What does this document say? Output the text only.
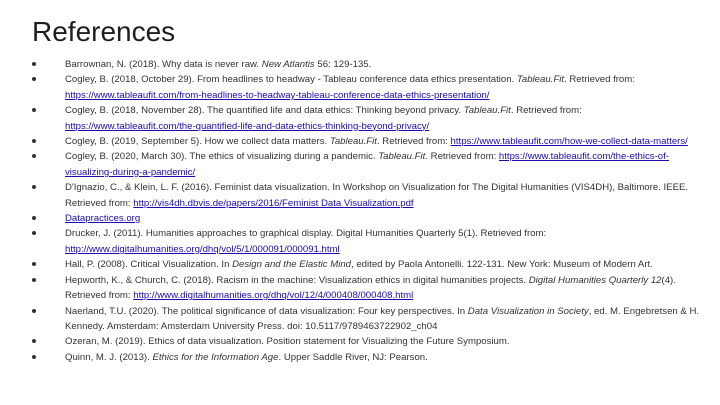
References
Barrownan, N. (2018). Why data is never raw. New Atlantis 56: 129-135.
Cogley, B. (2018, October 29). From headlines to headway - Tableau conference data ethics presentation. Tableau.Fit. Retrieved from: https://www.tableaufit.com/from-headlines-to-headway-tableau-conference-data-ethics-presentation/
Cogley, B. (2018, November 28). The quantified life and data ethics: Thinking beyond privacy. Tableau.Fit. Retrieved from: https://www.tableaufit.com/the-quantified-life-and-data-ethics-thinking-beyond-privacy/
Cogley, B. (2019, September 5). How we collect data matters. Tableau.Fit. Retrieved from: https://www.tableaufit.com/how-we-collect-data-matters/
Cogley, B. (2020, March 30). The ethics of visualizing during a pandemic. Tableau.Fit. Retrieved from: https://www.tableaufit.com/the-ethics-of-visualizing-during-a-pandemic/
D'Ignazio, C., & Klein, L. F. (2016). Feminist data visualization. In Workshop on Visualization for The Digital Humanities (VIS4DH), Baltimore. IEEE. Retrieved from: http://vis4dh.dbvis.de/papers/2016/Feminist Data Visualization.pdf
Datapractices.org
Drucker, J. (2011). Humanities approaches to graphical display. Digital Humanities Quarterly 5(1). Retrieved from: http://www.digitalhumanities.org/dhq/vol/5/1/000091/000091.html
Hall, P. (2008). Critical Visualization. In Design and the Elastic Mind, edited by Paola Antonelli. 122-131. New York: Museum of Modern Art.
Hepworth, K., & Church, C. (2018). Racism in the machine: Visualization ethics in digital humanities projects. Digital Humanities Quarterly 12(4). Retrieved from: http://www.digitalhumanities.org/dhq/vol/12/4/000408/000408.html
Naerland, T.U. (2020). The political significance of data visualization: Four key perspectives. In Data Visualization in Society, ed. M. Engebretsen & H. Kennedy. Amsterdam: Amsterdam University Press. doi: 10.5117/9789463722902_ch04
Ozeran, M. (2019). Ethics of data visualization. Position statement for Visualizing the Future Symposium.
Quinn, M. J. (2013). Ethics for the Information Age. Upper Saddle River, NJ: Pearson.
